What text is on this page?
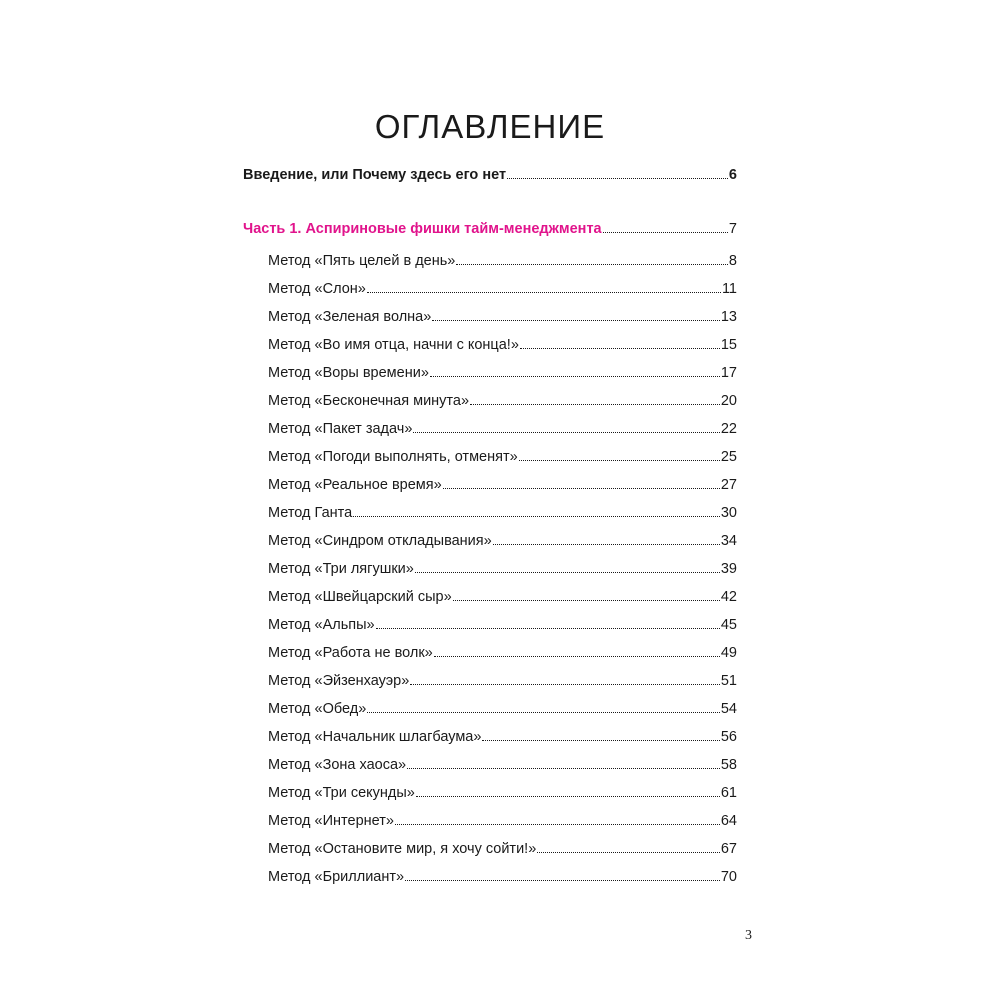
ОГЛАВЛЕНИЕ
Введение, или Почему здесь его нет	6
Часть 1. Аспириновые фишки тайм-менеджмента	7
Метод «Пять целей в день»	8
Метод «Слон»	11
Метод «Зеленая волна»	13
Метод «Во имя отца, начни с конца!»	15
Метод «Воры времени»	17
Метод «Бесконечная минута»	20
Метод «Пакет задач»	22
Метод «Погоди выполнять, отменят»	25
Метод «Реальное время»	27
Метод Ганта	30
Метод «Синдром откладывания»	34
Метод «Три лягушки»	39
Метод «Швейцарский сыр»	42
Метод «Альпы»	45
Метод «Работа не волк»	49
Метод «Эйзенхауэр»	51
Метод «Обед»	54
Метод «Начальник шлагбаума»	56
Метод «Зона хаоса»	58
Метод «Три секунды»	61
Метод «Интернет»	64
Метод «Остановите мир, я хочу сойти!»	67
Метод «Бриллиант»	70
3
